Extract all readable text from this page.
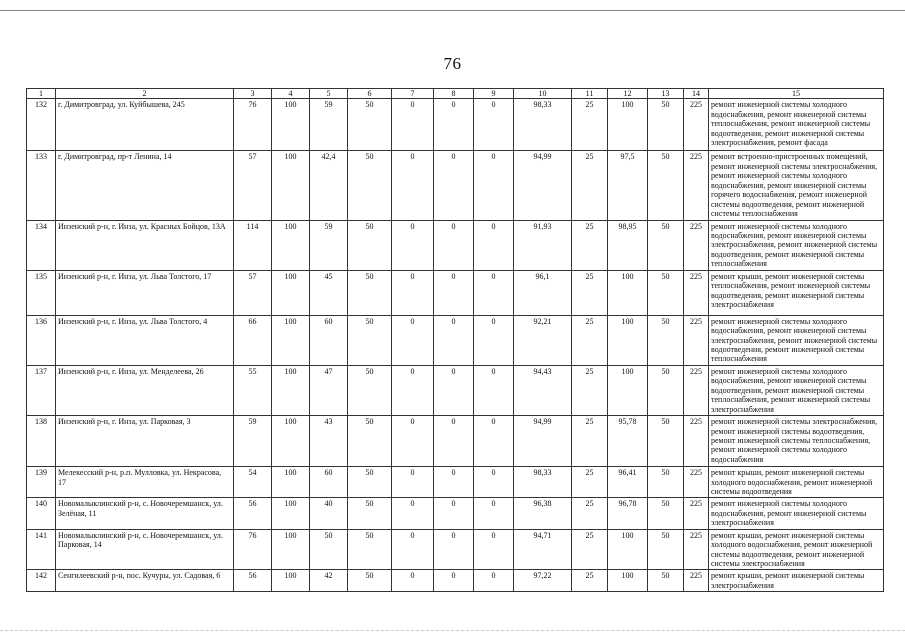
76
1	2	3	4	5	6	7	8	9	10	11	12	13	14	15
132	г. Димитровград, ул. Куйбышева, 245	76	100	59	50	0	0	0	98,33	25	100	50	225	ремонт инженерной системы холодного водоснабжения, ремонт инженерной системы теплоснабжения, ремонт инженерной системы водоотведения, ремонт инженерной системы электроснабжения, ремонт фасада
133	г. Димитровград, пр-т Ленина, 14	57	100	42,4	50	0	0	0	94,99	25	97,5	50	225	ремонт встроенно-пристроенных помещений, ремонт инженерной системы электроснабжения, ремонт инженерной системы холодного водоснабжения, ремонт инженерной системы горячего водоснабжения, ремонт инженерной системы водоотведения, ремонт инженерной системы теплоснабжения
134	Инзенский р-н, г. Инза, ул. Красных Бойцов, 13А	114	100	59	50	0	0	0	91,93	25	98,95	50	225	ремонт инженерной системы холодного водоснабжения, ремонт инженерной системы электроснабжения, ремонт инженерной системы водоотведения, ремонт инженерной системы теплоснабжения
135	Инзенский р-н, г. Инза, ул. Льва Толстого, 17	57	100	45	50	0	0	0	96,1	25	100	50	225	ремонт крыши, ремонт инженерной системы теплоснабжения, ремонт инженерной системы водоотведения, ремонт инженерной системы электроснабжения
136	Инзенский р-н, г. Инза, ул. Льва Толстого, 4	66	100	60	50	0	0	0	92,21	25	100	50	225	ремонт инженерной системы холодного водоснабжения, ремонт инженерной системы электроснабжения, ремонт инженерной системы водоотведения, ремонт инженерной системы теплоснабжения
137	Инзенский р-н, г. Инза, ул. Менделеева, 26	55	100	47	50	0	0	0	94,43	25	100	50	225	ремонт инженерной системы холодного водоснабжения, ремонт инженерной системы водоотведения, ремонт инженерной системы теплоснабжения, ремонт инженерной системы электроснабжения
138	Инзенский р-н, г. Инза, ул. Парковая, 3	59	100	43	50	0	0	0	94,99	25	95,78	50	225	ремонт инженерной системы электроснабжения, ремонт инженерной системы водоотведения, ремонт инженерной системы теплоснабжения, ремонт инженерной системы холодного водоснабжения
139	Мелекесский р-н, р.п. Мулловка, ул. Некрасова, 17	54	100	60	50	0	0	0	98,33	25	96,41	50	225	ремонт крыши, ремонт инженерной системы холодного водоснабжения, ремонт инженерной системы водоотведения
140	Новомалыклинский р-н, с. Новочеремшанск, ул. Зелёная, 11	56	100	40	50	0	0	0	96,38	25	96,78	50	225	ремонт инженерной системы холодного водоснабжения, ремонт инженерной системы электроснабжения
141	Новомалыклинский р-н, с. Новочеремшанск, ул. Парковая, 14	76	100	50	50	0	0	0	94,71	25	100	50	225	ремонт крыши, ремонт инженерной системы холодного водоснабжения, ремонт инженерной системы водоотведения, ремонт инженерной системы электроснабжения
142	Сенгилеевский р-н, пос. Кучуры, ул. Садовая, 6	56	100	42	50	0	0	0	97,22	25	100	50	225	ремонт крыши, ремонт инженерной системы электроснабжения
